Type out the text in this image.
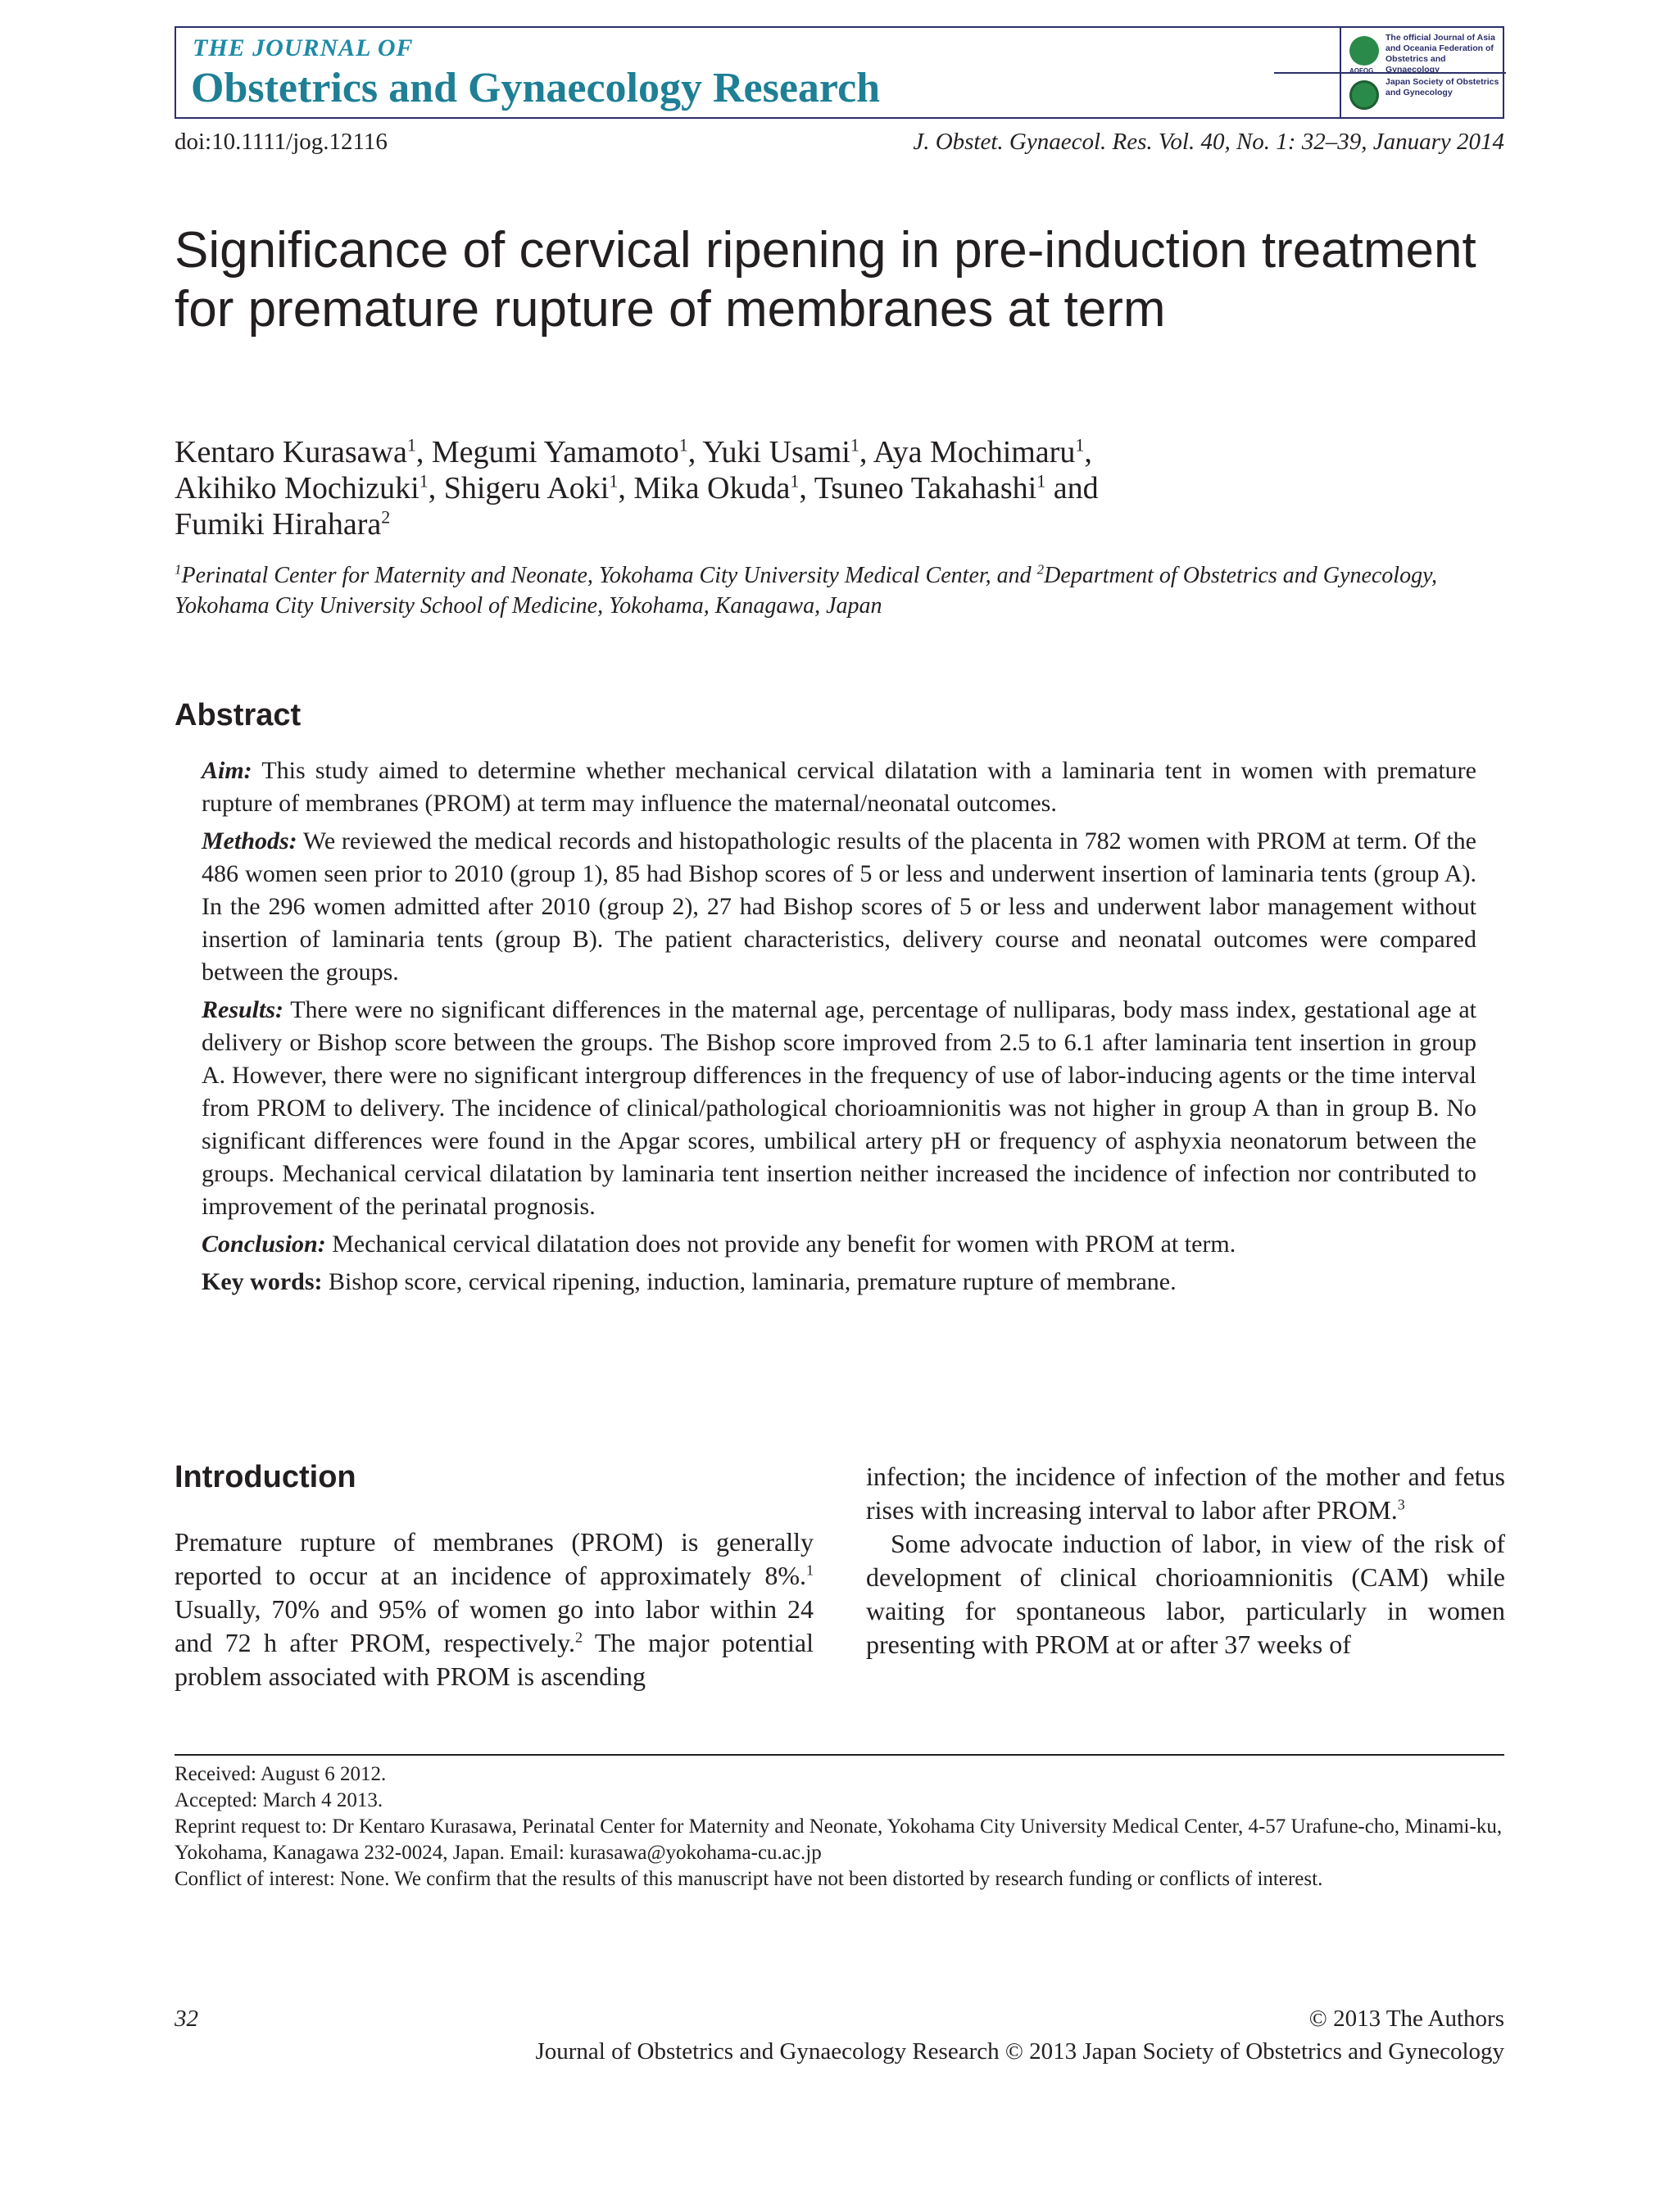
THE JOURNAL OF
Obstetrics and Gynaecology Research	AOFOG
The official Journal of Asia and Oceania Federation of Obstetrics and Gynaecology
Japan Society of Obstetrics and Gynecology
doi:10.1111/jog.12116	J. Obstet. Gynaecol. Res. Vol. 40, No. 1: 32–39, January 2014
Significance of cervical ripening in pre-induction treatment for premature rupture of membranes at term
Kentaro Kurasawa$^1$, Megumi Yamamoto$^1$, Yuki Usami$^1$, Aya Mochimaru$^1$,
Akihiko Mochizuki$^1$, Shigeru Aoki$^1$, Mika Okuda$^1$, Tsuneo Takahashi$^1$ and
Fumiki Hirahara$^2$
$^1$Perinatal Center for Maternity and Neonate, Yokohama City University Medical Center, and $^2$Department of Obstetrics and Gynecology, Yokohama City University School of Medicine, Yokohama, Kanagawa, Japan
Abstract

Aim: This study aimed to determine whether mechanical cervical dilatation with a laminaria tent in women with premature rupture of membranes (PROM) at term may influence the maternal/neonatal outcomes.

Methods: We reviewed the medical records and histopathologic results of the placenta in 782 women with PROM at term. Of the 486 women seen prior to 2010 (group 1), 85 had Bishop scores of 5 or less and underwent insertion of laminaria tents (group A). In the 296 women admitted after 2010 (group 2), 27 had Bishop scores of 5 or less and underwent labor management without insertion of laminaria tents (group B). The patient characteristics, delivery course and neonatal outcomes were compared between the groups.

Results: There were no significant differences in the maternal age, percentage of nulliparas, body mass index, gestational age at delivery or Bishop score between the groups. The Bishop score improved from 2.5 to 6.1 after laminaria tent insertion in group A. However, there were no significant intergroup differences in the frequency of use of labor-inducing agents or the time interval from PROM to delivery. The incidence of clinical/pathological chorioamnionitis was not higher in group A than in group B. No significant differences were found in the Apgar scores, umbilical artery pH or frequency of asphyxia neonatorum between the groups. Mechanical cervical dilatation by laminaria tent insertion neither increased the incidence of infection nor contributed to improvement of the perinatal prognosis.

Conclusion: Mechanical cervical dilatation does not provide any benefit for women with PROM at term.

Key words: Bishop score, cervical ripening, induction, laminaria, premature rupture of membrane.

Introduction

Premature rupture of membranes (PROM) is generally reported to occur at an incidence of approximately 8%.$^1$ Usually, 70% and 95% of women go into labor within 24 and 72 h after PROM, respectively.$^2$ The major potential problem associated with PROM is ascending

infection; the incidence of infection of the mother and fetus rises with increasing interval to labor after PROM.$^3$

Some advocate induction of labor, in view of the risk of development of clinical chorioamnionitis (CAM) while waiting for spontaneous labor, particularly in women presenting with PROM at or after 37 weeks of

Received: August 6 2012.
Accepted: March 4 2013.
Reprint request to: Dr Kentaro Kurasawa, Perinatal Center for Maternity and Neonate, Yokohama City University Medical Center, 4-57 Urafune-cho, Minami-ku, Yokohama, Kanagawa 232-0024, Japan. Email: kurasawa@yokohama-cu.ac.jp
Conflict of interest: None. We confirm that the results of this manuscript have not been distorted by research funding or conflicts of interest.
32	© 2013 The Authors
Journal of Obstetrics and Gynaecology Research © 2013 Japan Society of Obstetrics and Gynecology
